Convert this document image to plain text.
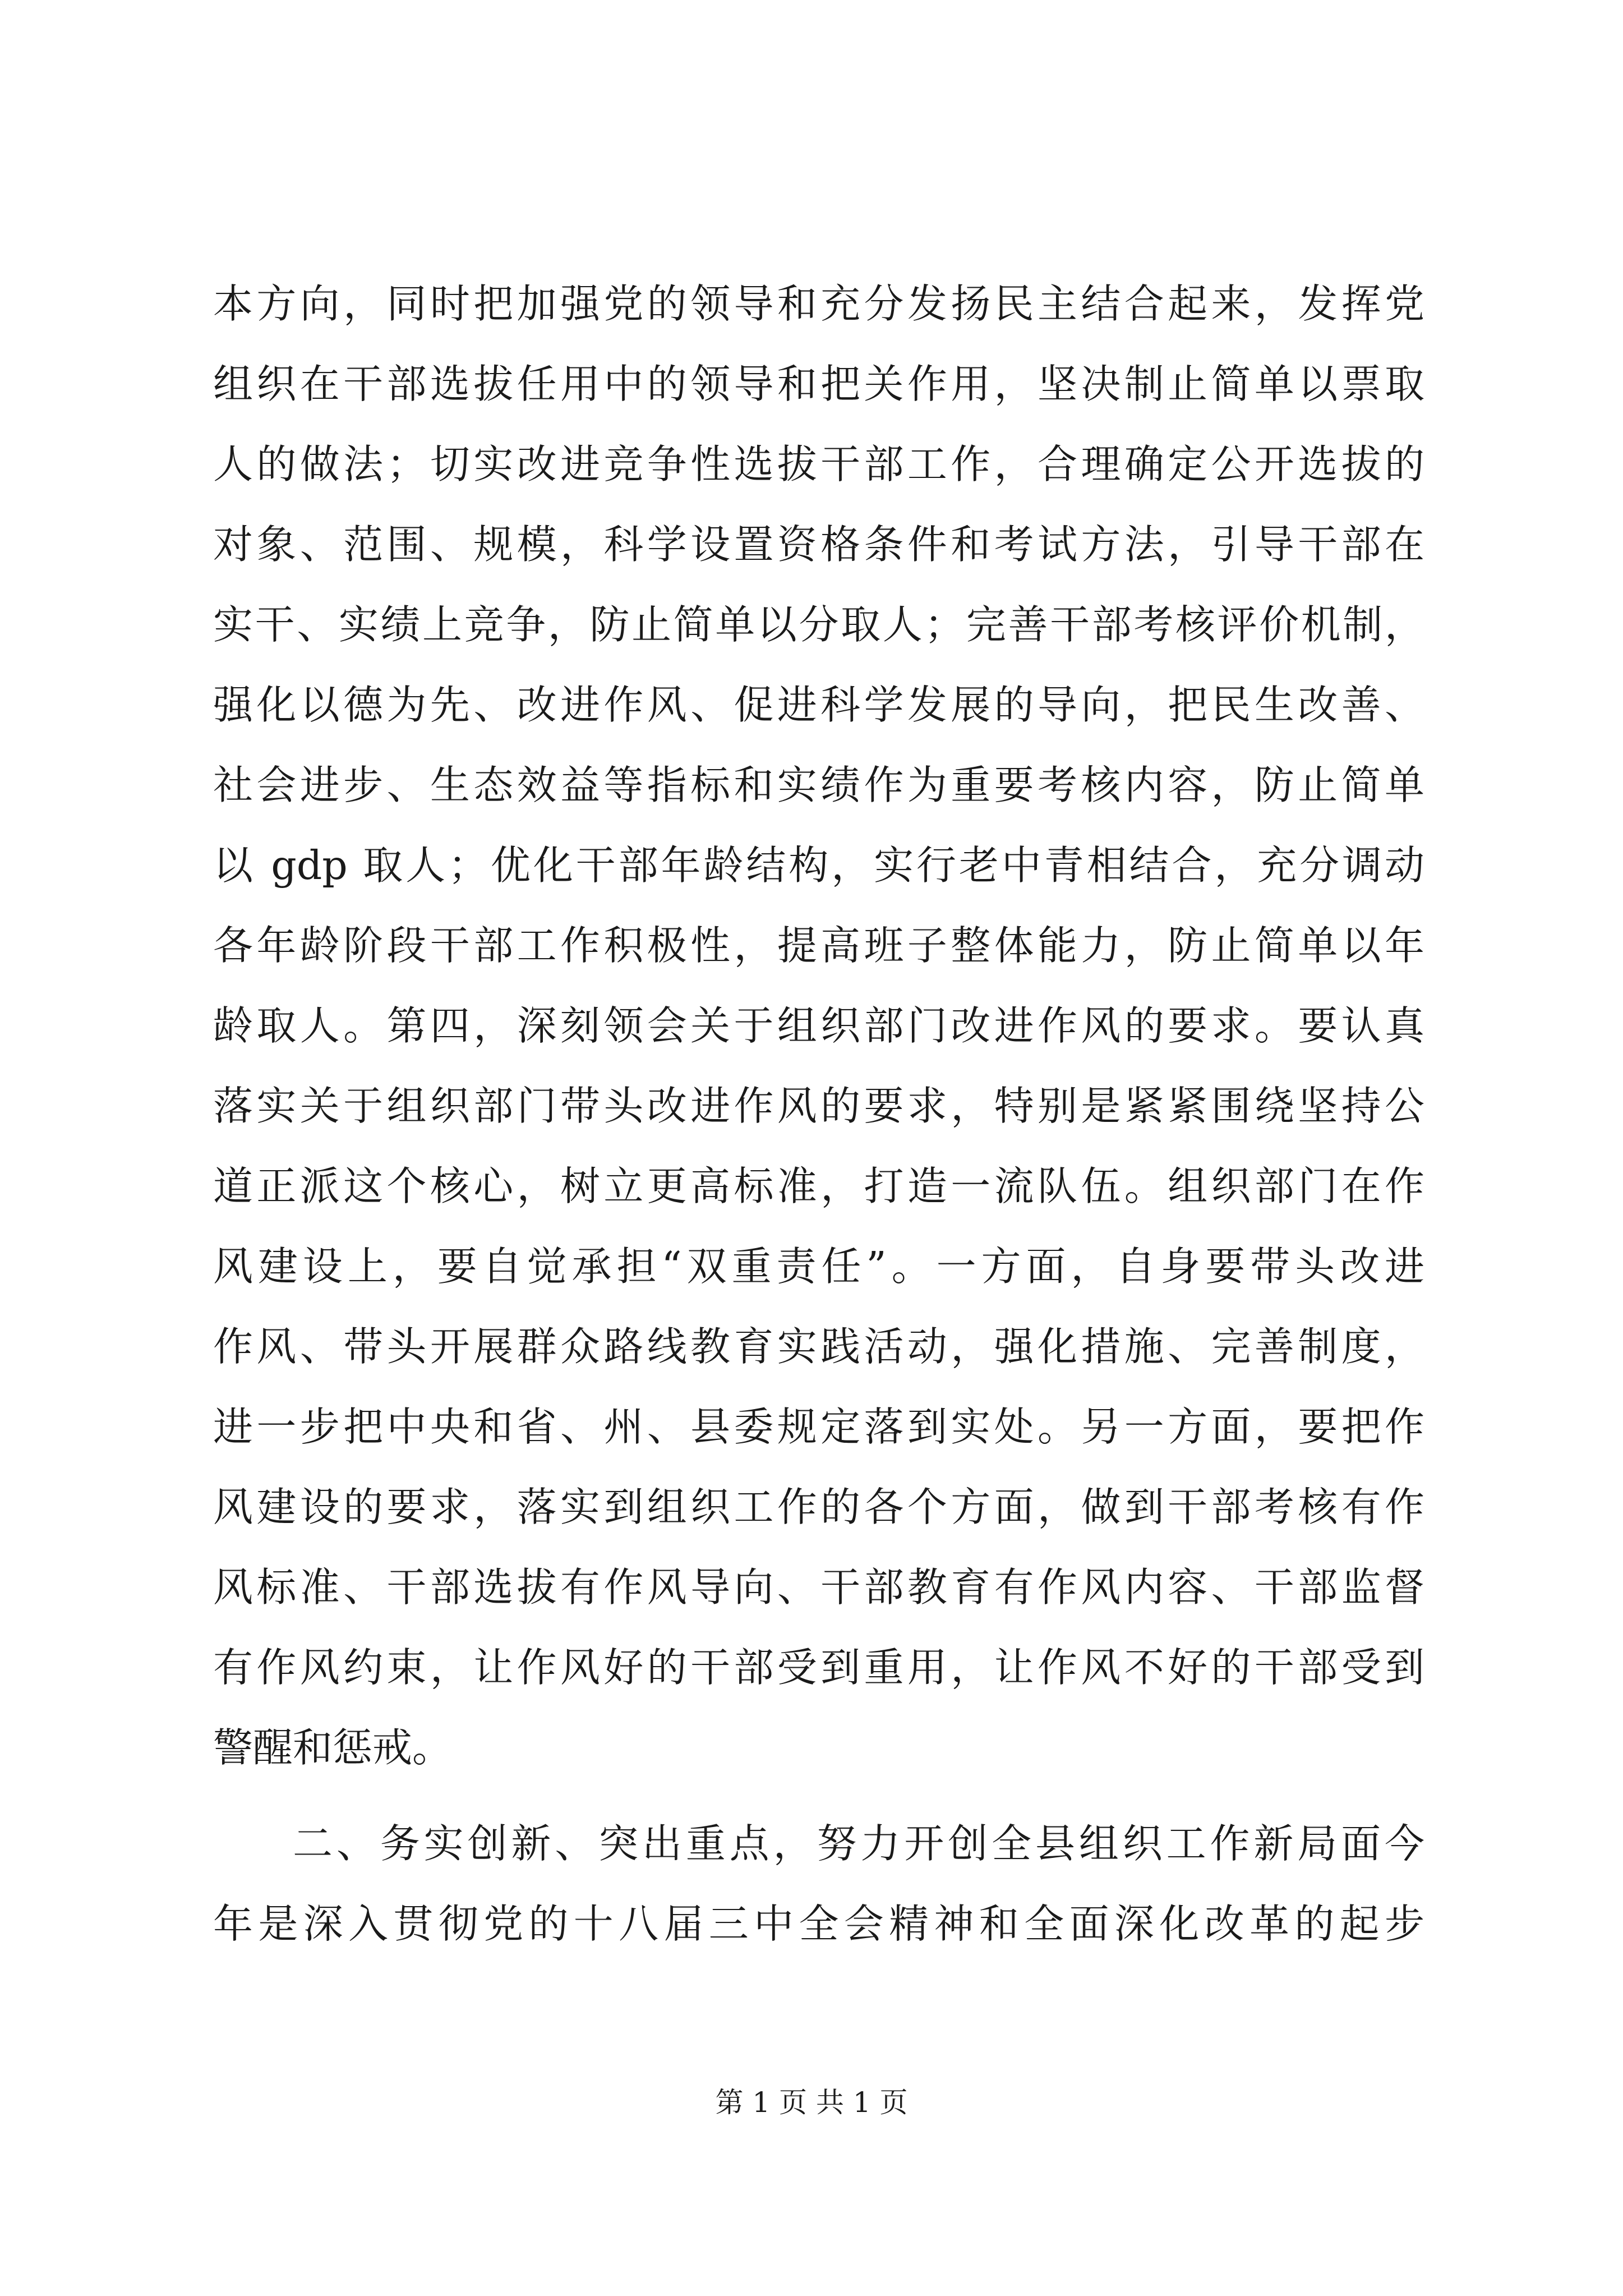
本方向，同时把加强党的领导和充分发扬民主结合起来，发挥党
组织在干部选拔任用中的领导和把关作用，坚决制止简单以票取
人的做法；切实改进竞争性选拔干部工作，合理确定公开选拔的
对象、范围、规模，科学设置资格条件和考试方法，引导干部在
实干、实绩上竞争，防止简单以分取人；完善干部考核评价机制，
强化以德为先、改进作风、促进科学发展的导向，把民生改善、
社会进步、生态效益等指标和实绩作为重要考核内容，防止简单
以 gdp 取人；优化干部年龄结构，实行老中青相结合，充分调动
各年龄阶段干部工作积极性，提高班子整体能力，防止简单以年
龄取人。第四，深刻领会关于组织部门改进作风的要求。要认真
落实关于组织部门带头改进作风的要求，特别是紧紧围绕坚持公
道正派这个核心，树立更高标准，打造一流队伍。组织部门在作
风建设上，要自觉承担“双重责任”。一方面，自身要带头改进
作风、带头开展群众路线教育实践活动，强化措施、完善制度，
进一步把中央和省、州、县委规定落到实处。另一方面，要把作
风建设的要求，落实到组织工作的各个方面，做到干部考核有作
风标准、干部选拔有作风导向、干部教育有作风内容、干部监督
有作风约束，让作风好的干部受到重用，让作风不好的干部受到
警醒和惩戒。
二、务实创新、突出重点，努力开创全县组织工作新局面今
年是深入贯彻党的十八届三中全会精神和全面深化改革的起步
第 1 页 共 1 页
